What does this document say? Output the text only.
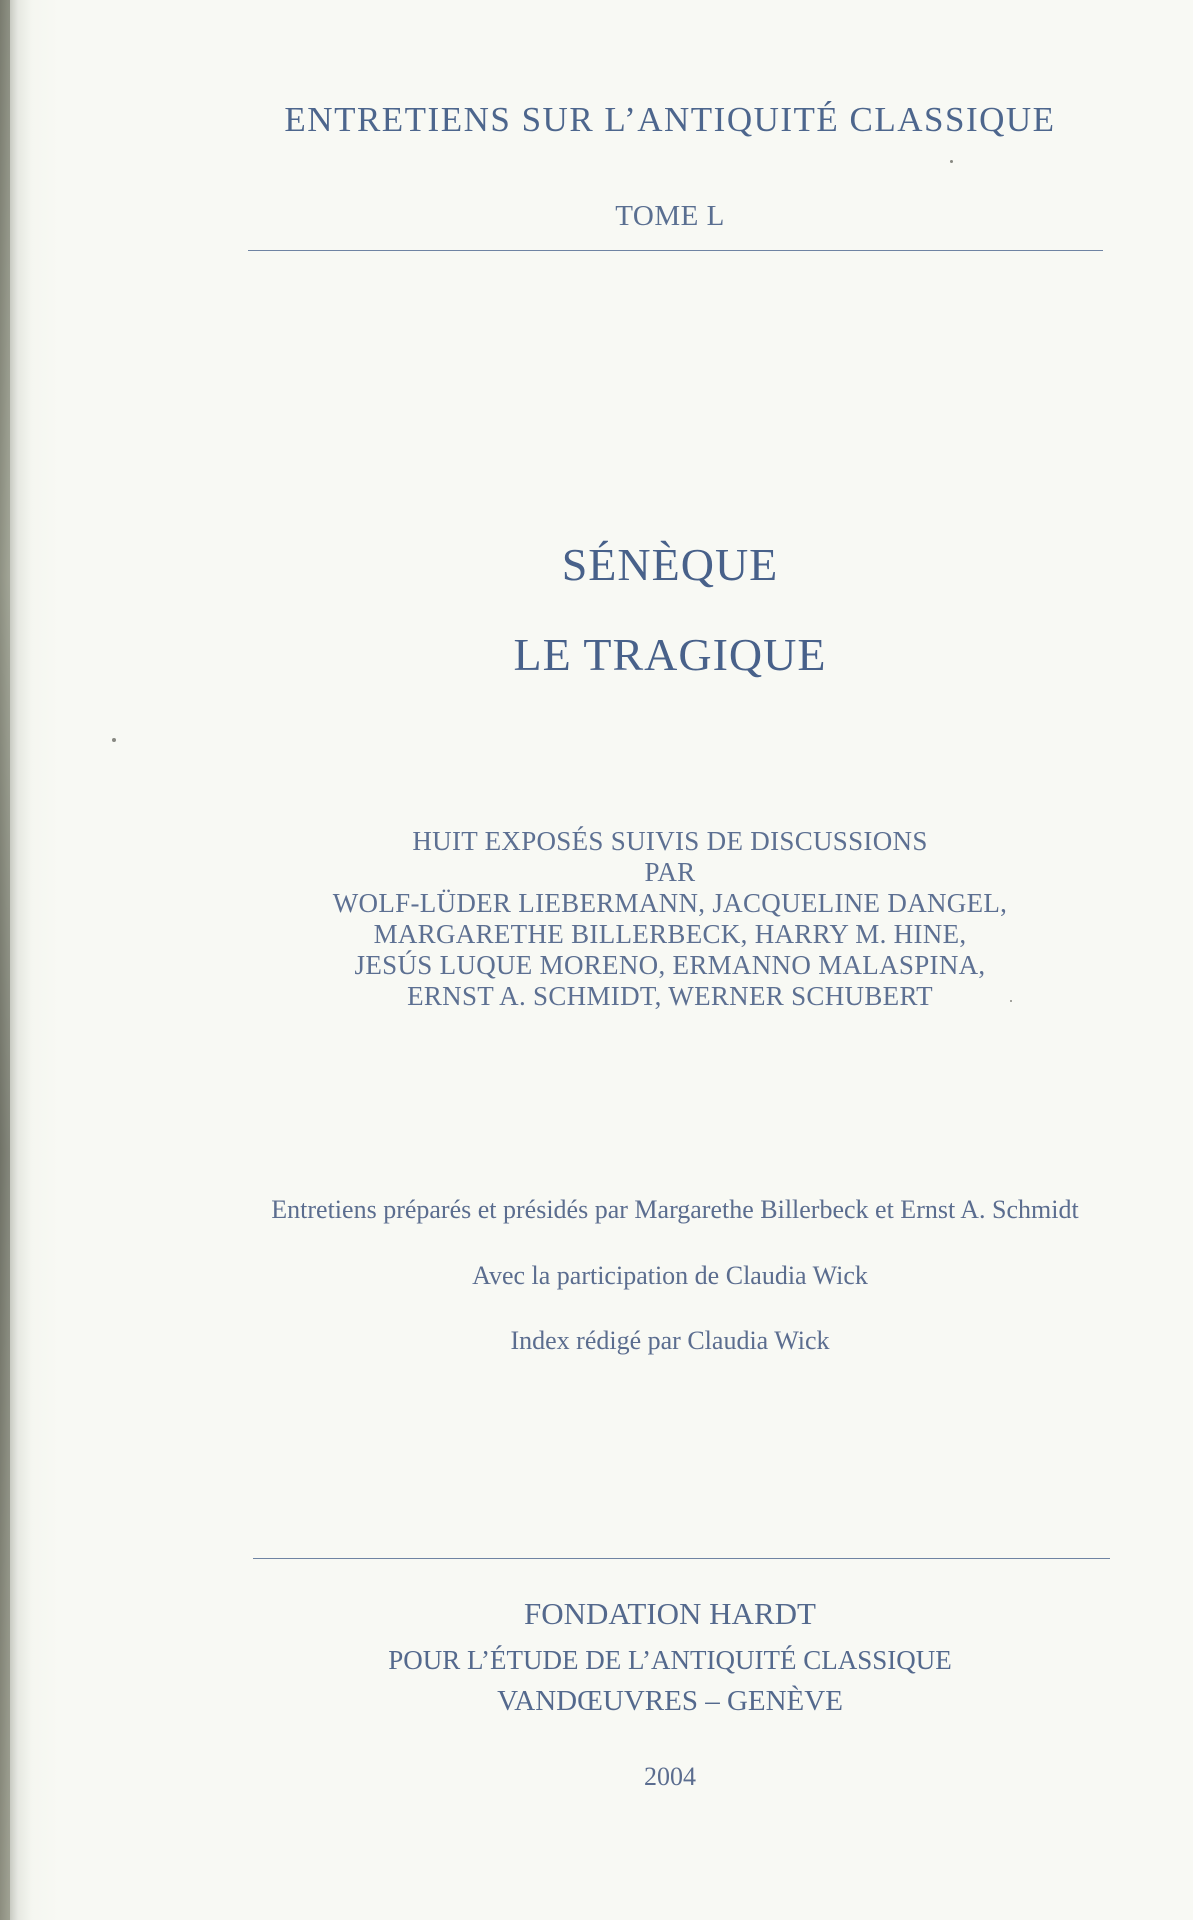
ENTRETIENS SUR L’ANTIQUITÉ CLASSIQUE
TOME L
SÉNÈQUE
LE TRAGIQUE
HUIT EXPOSÉS SUIVIS DE DISCUSSIONS
PAR
WOLF-LÜDER LIEBERMANN, JACQUELINE DANGEL,
MARGARETHE BILLERBECK, HARRY M. HINE,
JESÚS LUQUE MORENO, ERMANNO MALASPINA,
ERNST A. SCHMIDT, WERNER SCHUBERT
Entretiens préparés et présidés par Margarethe Billerbeck et Ernst A. Schmidt
Avec la participation de Claudia Wick
Index rédigé par Claudia Wick
FONDATION HARDT
POUR L’ÉTUDE DE L’ANTIQUITÉ CLASSIQUE
VANDŒUVRES – GENÈVE
2004
